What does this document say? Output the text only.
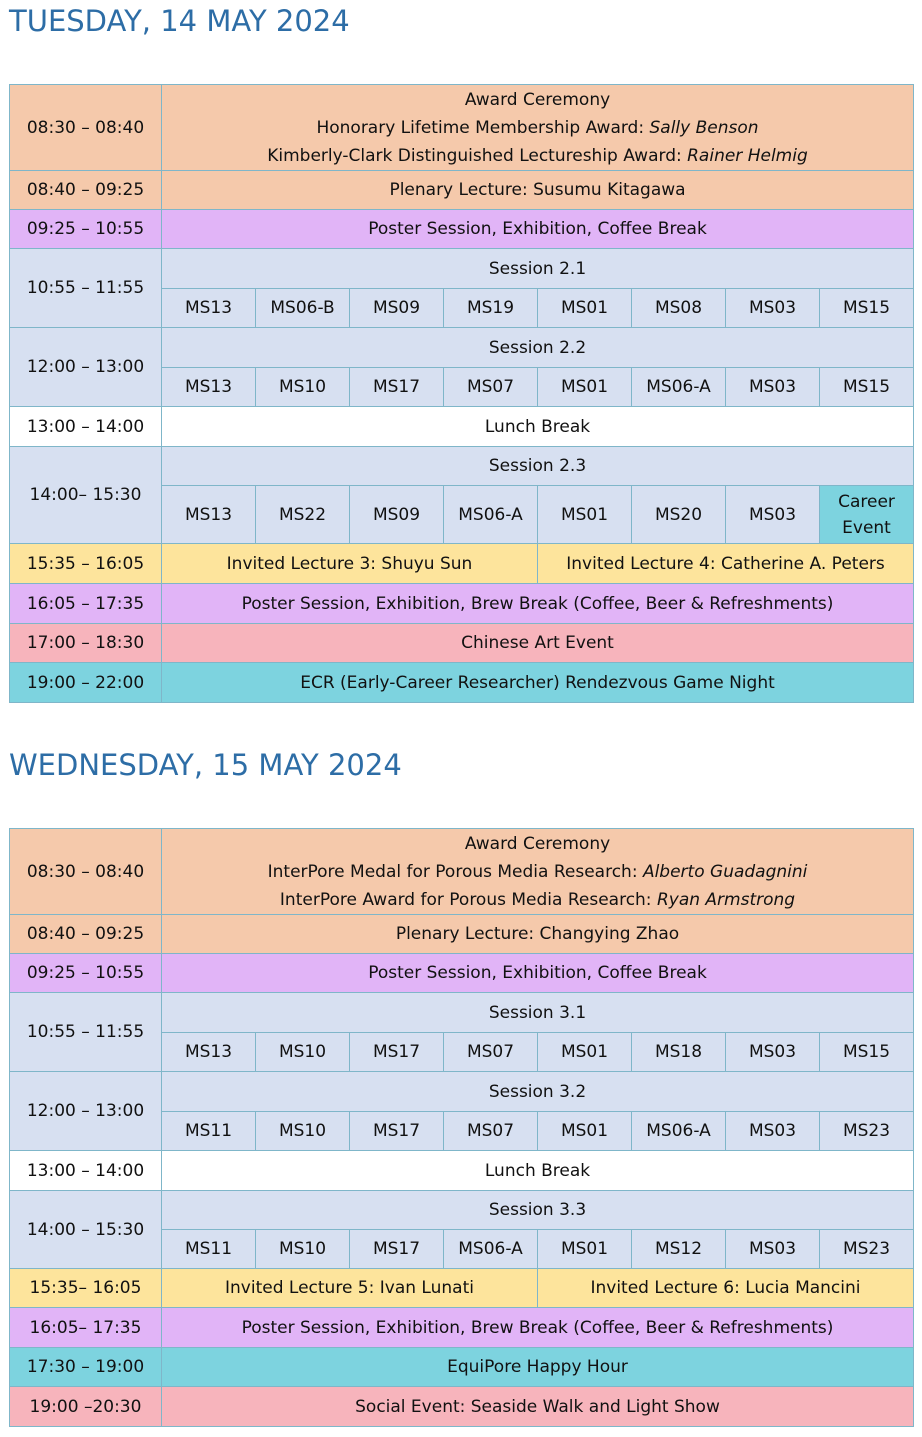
TUESDAY, 14 MAY 2024
08:30 – 08:40	Award Ceremony
Honorary Lifetime Membership Award: Sally Benson
Kimberly-Clark Distinguished Lectureship Award: Rainer Helmig							

08:40 – 09:25	Plenary Lecture: Susumu Kitagawa							
09:25 – 10:55	Poster Session, Exhibition, Coffee Break							
10:55 – 11:55	Session 2.1							
	MS13	MS06-B	MS09	MS19	MS01	MS08	MS03	MS15
12:00 – 13:00	Session 2.2							
	MS13	MS10	MS17	MS07	MS01	MS06-A	MS03	MS15
13:00 – 14:00	Lunch Break							
14:00– 15:30	Session 2.3							
	MS13	MS22	MS09	MS06-A	MS01	MS20	MS03	Career
Event

15:35 – 16:05	Invited Lecture 3: Shuyu Sun				Invited Lecture 4: Catherine A. Peters			
16:05 – 17:35	Poster Session, Exhibition, Brew Break (Coffee, Beer & Refreshments)							
17:00 – 18:30	Chinese Art Event							
19:00 – 22:00	ECR (Early-Career Researcher) Rendezvous Game Night							
WEDNESDAY, 15 MAY 2024
08:30 – 08:40	Award Ceremony
InterPore Medal for Porous Media Research: Alberto Guadagnini
InterPore Award for Porous Media Research: Ryan Armstrong							

08:40 – 09:25	Plenary Lecture: Changying Zhao							
09:25 – 10:55	Poster Session, Exhibition, Coffee Break							
10:55 – 11:55	Session 3.1							
	MS13	MS10	MS17	MS07	MS01	MS18	MS03	MS15
12:00 – 13:00	Session 3.2							
	MS11	MS10	MS17	MS07	MS01	MS06-A	MS03	MS23
13:00 – 14:00	Lunch Break							
14:00 – 15:30	Session 3.3							
	MS11	MS10	MS17	MS06-A	MS01	MS12	MS03	MS23
15:35– 16:05	Invited Lecture 5: Ivan Lunati				Invited Lecture 6: Lucia Mancini			
16:05– 17:35	Poster Session, Exhibition, Brew Break (Coffee, Beer & Refreshments)							
17:30 – 19:00	EquiPore Happy Hour							
19:00 –20:30	Social Event: Seaside Walk and Light Show							
